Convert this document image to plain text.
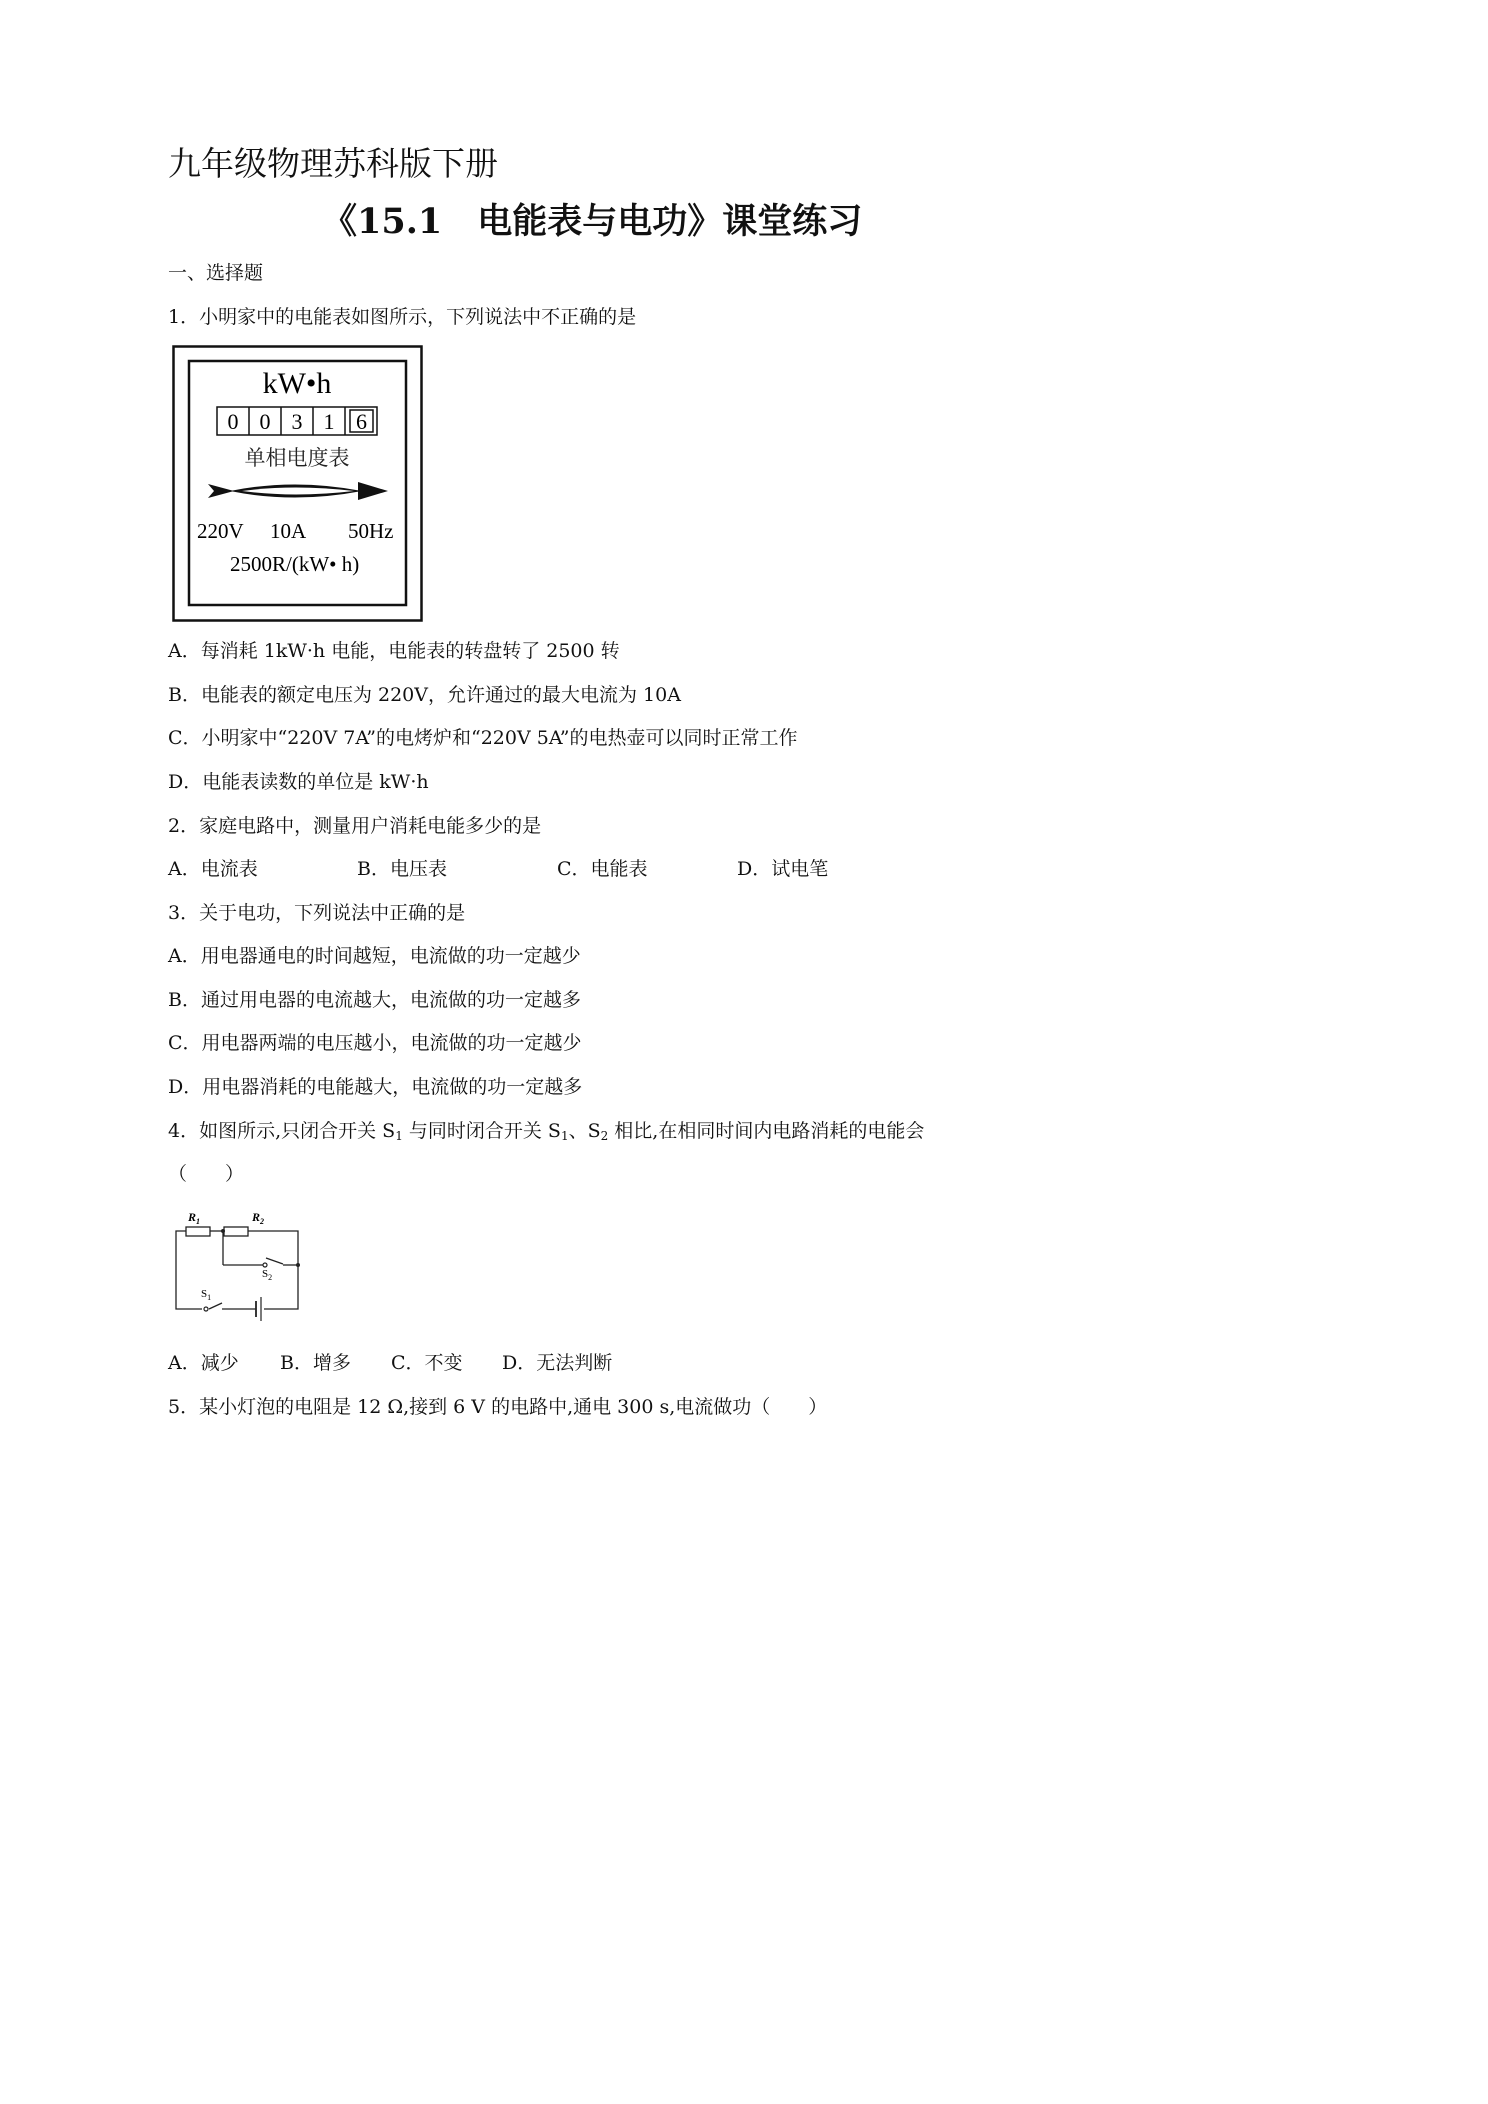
九年级物理苏科版下册
《15.1　电能表与电功》课堂练习
一、选择题
1．小明家中的电能表如图所示，下列说法中不正确的是
kW•h
0 0 3 1 6
单相电度表
220V 10A 50Hz
2500R/(kW• h)
A．每消耗 1kW·h 电能，电能表的转盘转了 2500 转
B．电能表的额定电压为 220V，允许通过的最大电流为 10A
C．小明家中“220V 7A”的电烤炉和“220V 5A”的电热壶可以同时正常工作
D．电能表读数的单位是 kW·h
2．家庭电路中，测量用户消耗电能多少的是
A．电流表	B．电压表	C．电能表	D．试电笔
3．关于电功，下列说法中正确的是
A．用电器通电的时间越短，电流做的功一定越少
B．通过用电器的电流越大，电流做的功一定越多
C．用电器两端的电压越小，电流做的功一定越少
D．用电器消耗的电能越大，电流做的功一定越多
4．如图所示,只闭合开关 $S_1$ 与同时闭合开关 $S_1$、$S_2$ 相比,在相同时间内电路消耗的电能会
（　　）
$R_1$	$R_2$
$S_1$
$S_2$
A．减少 B．增多 C．不变 D．无法判断
5．某小灯泡的电阻是 12 Ω,接到 6 V 的电路中,通电 300 s,电流做功（　　）
